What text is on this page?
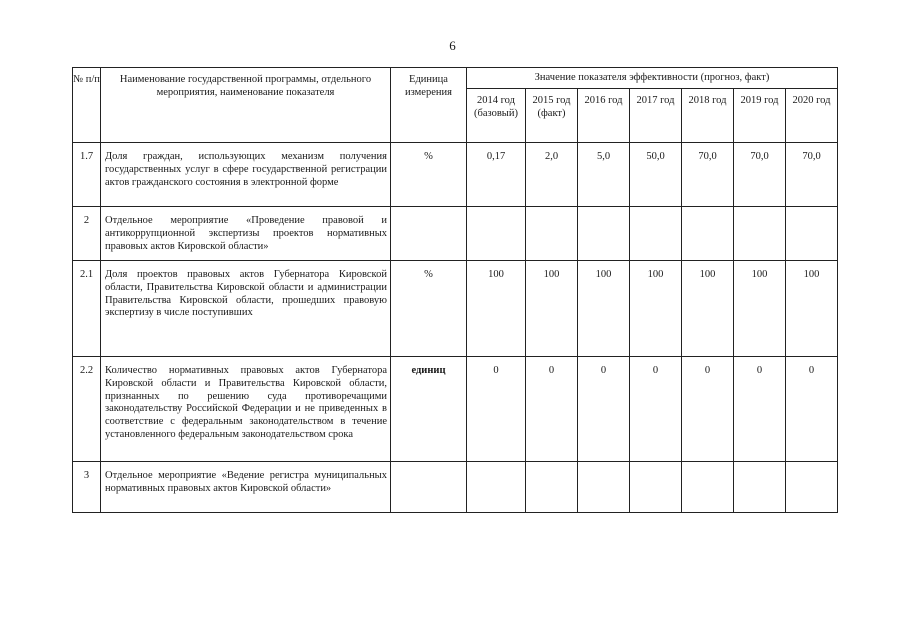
6
№ п/п	Наименование государственной программы, отдельного мероприятия, наименование показателя	Единица измерения	Значение показателя эффективности (прогноз, факт)						
			2014 год (базовый)	2015 год (факт)	2016 год	2017 год	2018 год	2019 год	2020 год
1.7	Доля граждан, использующих механизм получения государственных услуг в сфере государственной регистрации актов гражданского состояния в электронной форме	%	0,17	2,0	5,0	50,0	70,0	70,0	70,0
2	Отдельное мероприятие «Проведение правовой и антикоррупционной экспертизы проектов нормативных правовых актов Кировской области»								
2.1	Доля проектов правовых актов Губернатора Кировской области, Правительства Кировской области и администрации Правительства Кировской области, прошедших правовую экспертизу в числе поступивших	%	100	100	100	100	100	100	100
2.2	Количество нормативных правовых актов Губернатора Кировской области и Правительства Кировской области, признанных по решению суда противоречащими законодательству Российской Федерации и не приведенных в соответствие с федеральным законодательством в течение установленного федеральным законодательством срока	единиц	0	0	0	0	0	0	0
3	Отдельное мероприятие «Ведение регистра муниципальных нормативных правовых актов Кировской области»								
